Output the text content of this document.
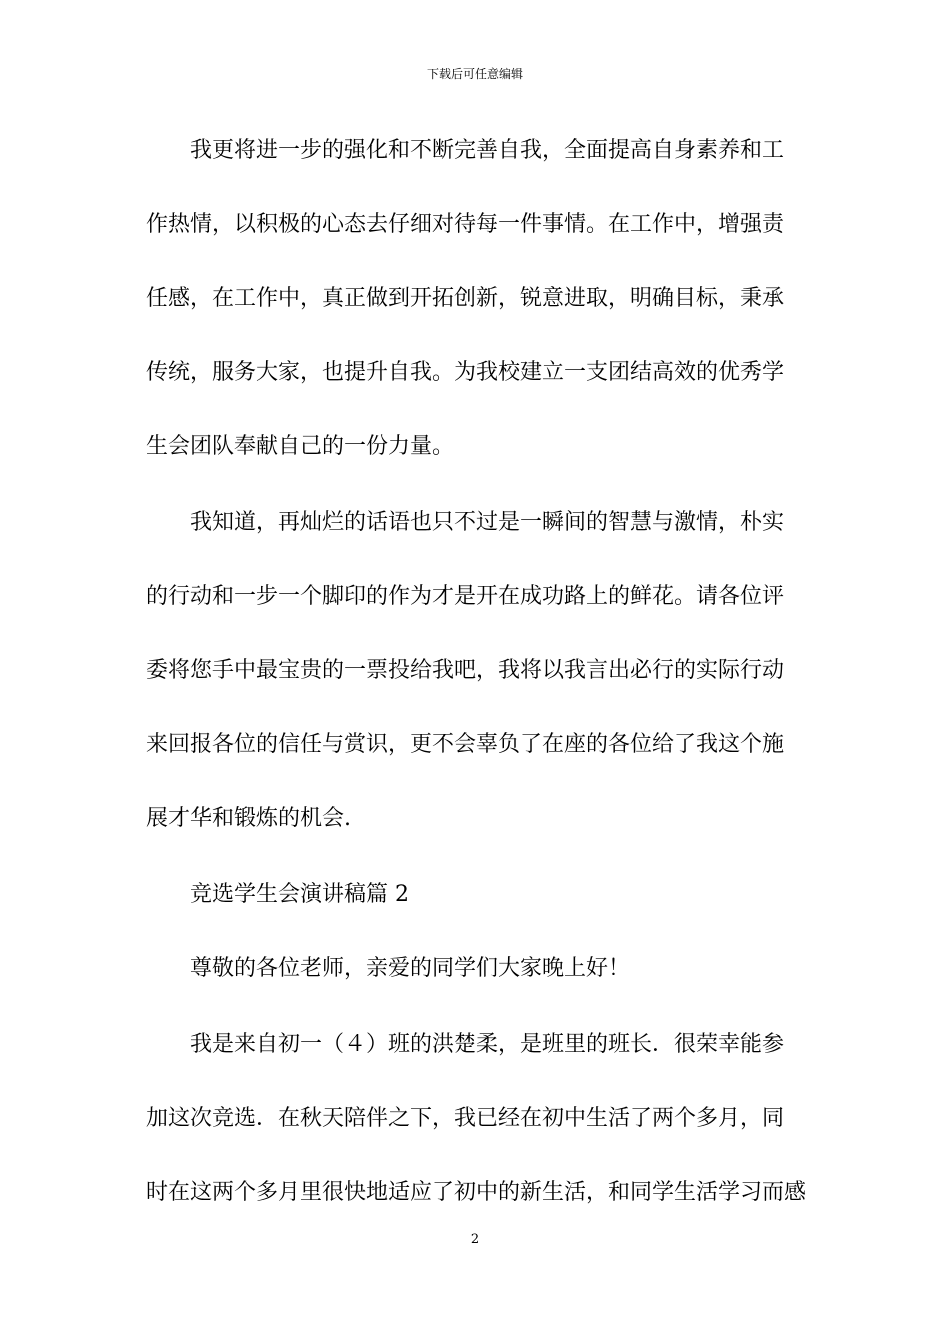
下载后可任意编辑
我更将进一步的强化和不断完善自我，全面提高自身素养和工
作热情，以积极的心态去仔细对待每一件事情。在工作中，增强责
任感，在工作中，真正做到开拓创新，锐意进取，明确目标，秉承
传统，服务大家，也提升自我。为我校建立一支团结高效的优秀学
生会团队奉献自己的一份力量。
我知道，再灿烂的话语也只不过是一瞬间的智慧与激情，朴实
的行动和一步一个脚印的作为才是开在成功路上的鲜花。请各位评
委将您手中最宝贵的一票投给我吧，我将以我言出必行的实际行动
来回报各位的信任与赏识，更不会辜负了在座的各位给了我这个施
展才华和锻炼的机会.
竞选学生会演讲稿篇 2
尊敬的各位老师，亲爱的同学们大家晚上好！
我是来自初一（４）班的洪楚柔，是班里的班长．很荣幸能参
加这次竞选．在秋天陪伴之下，我已经在初中生活了两个多月，同
时在这两个多月里很快地适应了初中的新生活，和同学生活学习而感
2
